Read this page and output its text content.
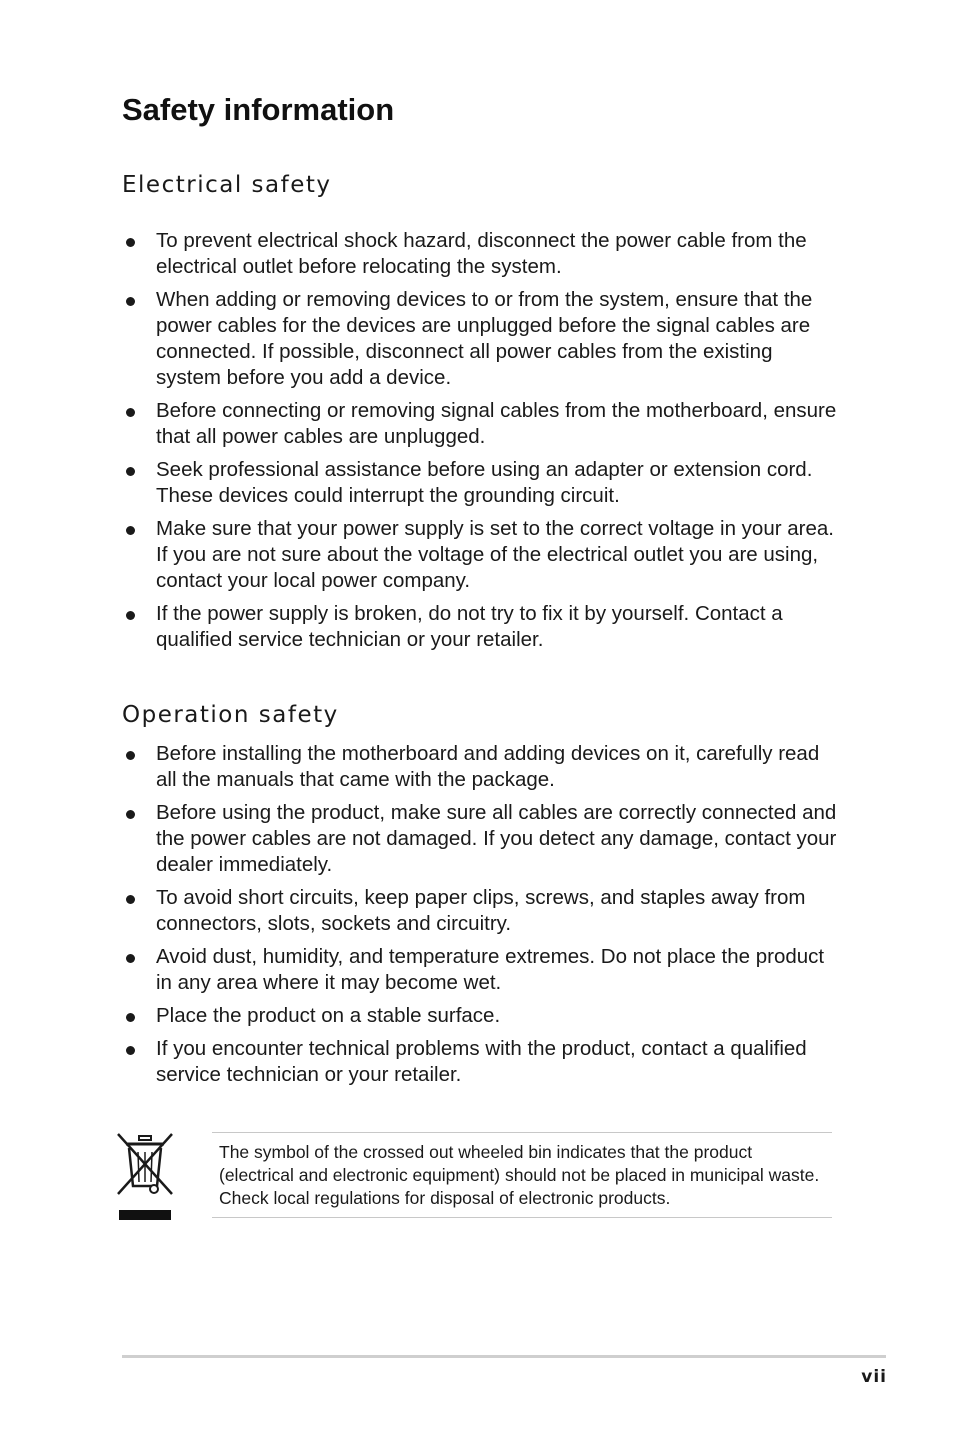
Safety information
Electrical safety
To prevent electrical shock hazard, disconnect the power cable from the electrical outlet before relocating the system.
When adding or removing devices to or from the system, ensure that the power cables for the devices are unplugged before the signal cables are connected. If possible, disconnect all power cables from the existing system before you add a device.
Before connecting or removing signal cables from the motherboard, ensure that all power cables are unplugged.
Seek professional assistance before using an adapter or extension cord. These devices could interrupt the grounding circuit.
Make sure that your power supply is set to the correct voltage in your area. If you are not sure about the voltage of the electrical outlet you are using, contact your local power company.
If the power supply is broken, do not try to fix it by yourself. Contact a qualified service technician or your retailer.
Operation safety
Before installing the motherboard and adding devices on it, carefully read all the manuals that came with the package.
Before using the product, make sure all cables are correctly connected and the power cables are not damaged. If you detect any damage, contact your dealer immediately.
To avoid short circuits, keep paper clips, screws, and staples away from connectors, slots, sockets and circuitry.
Avoid dust, humidity, and temperature extremes. Do not place the product in any area where it may become wet.
Place the product on a stable surface.
If you encounter technical problems with the product, contact a qualified service technician or your retailer.

The symbol of the crossed out wheeled bin indicates that the product (electrical and electronic equipment) should not be placed in municipal waste. Check local regulations for disposal of electronic products.

vii
